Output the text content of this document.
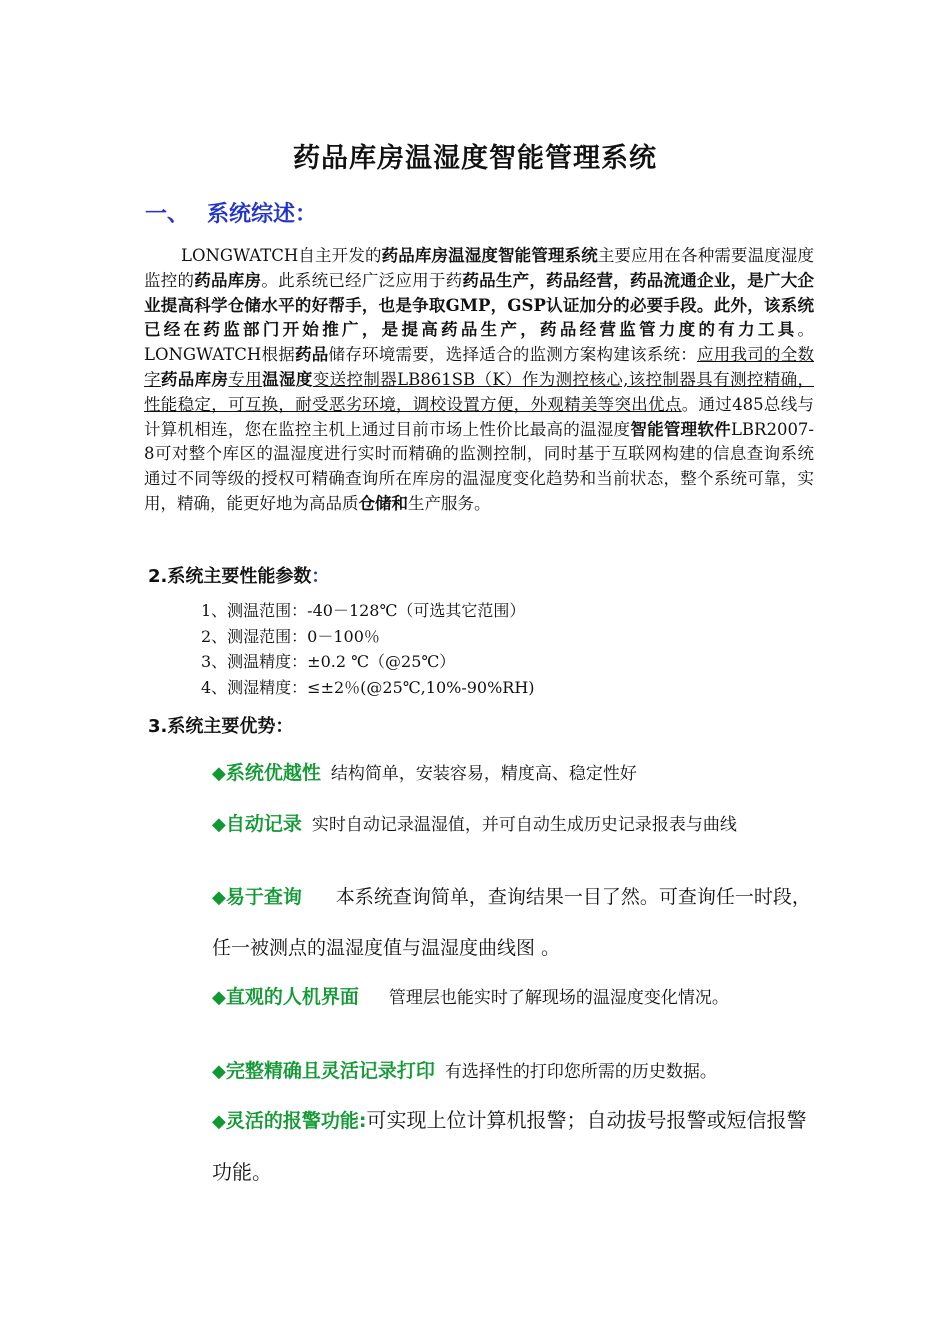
药品库房温湿度智能管理系统
一、 系统综述：
LONGWATCH自主开发的药品库房温湿度智能管理系统主要应用在各种需要温度湿度监控的药品库房。此系统已经广泛应用于药药品生产，药品经营，药品流通企业，是广大企业提高科学仓储水平的好帮手，也是争取GMP，GSP认证加分的必要手段。此外，该系统已经在药监部门开始推广，是提高药品生产，药品经营监管力度的有力工具。LONGWATCH根据药品储存环境需要，选择适合的监测方案构建该系统：应用我司的全数字药品库房专用温湿度变送控制器LB861SB（K）作为测控核心,该控制器具有测控精确，性能稳定，可互换，耐受恶劣环境，调校设置方便，外观精美等突出优点。通过485总线与计算机相连，您在监控主机上通过目前市场上性价比最高的温湿度智能管理软件LBR2007-8可对整个库区的温湿度进行实时而精确的监测控制，同时基于互联网构建的信息查询系统通过不同等级的授权可精确查询所在库房的温湿度变化趋势和当前状态，整个系统可靠，实用，精确，能更好地为高品质仓储和生产服务。
2.系统主要性能参数：
1、测温范围：-40－128℃（可选其它范围）
2、测湿范围：0－100％
3、测温精度：±0.2 ℃（@25℃）
4、测湿精度：≤±2％(@25℃,10%-90%RH)
3.系统主要优势：
◆系统优越性 结构简单，安装容易，精度高、稳定性好
◆自动记录 实时自动记录温湿值，并可自动生成历史记录报表与曲线
◆易于查询 本系统查询简单，查询结果一目了然。可查询任一时段，任一被测点的温湿度值与温湿度曲线图 。
◆直观的人机界面 管理层也能实时了解现场的温湿度变化情况。
◆完整精确且灵活记录打印 有选择性的打印您所需的历史数据。
◆灵活的报警功能:可实现上位计算机报警；自动拔号报警或短信报警功能。
